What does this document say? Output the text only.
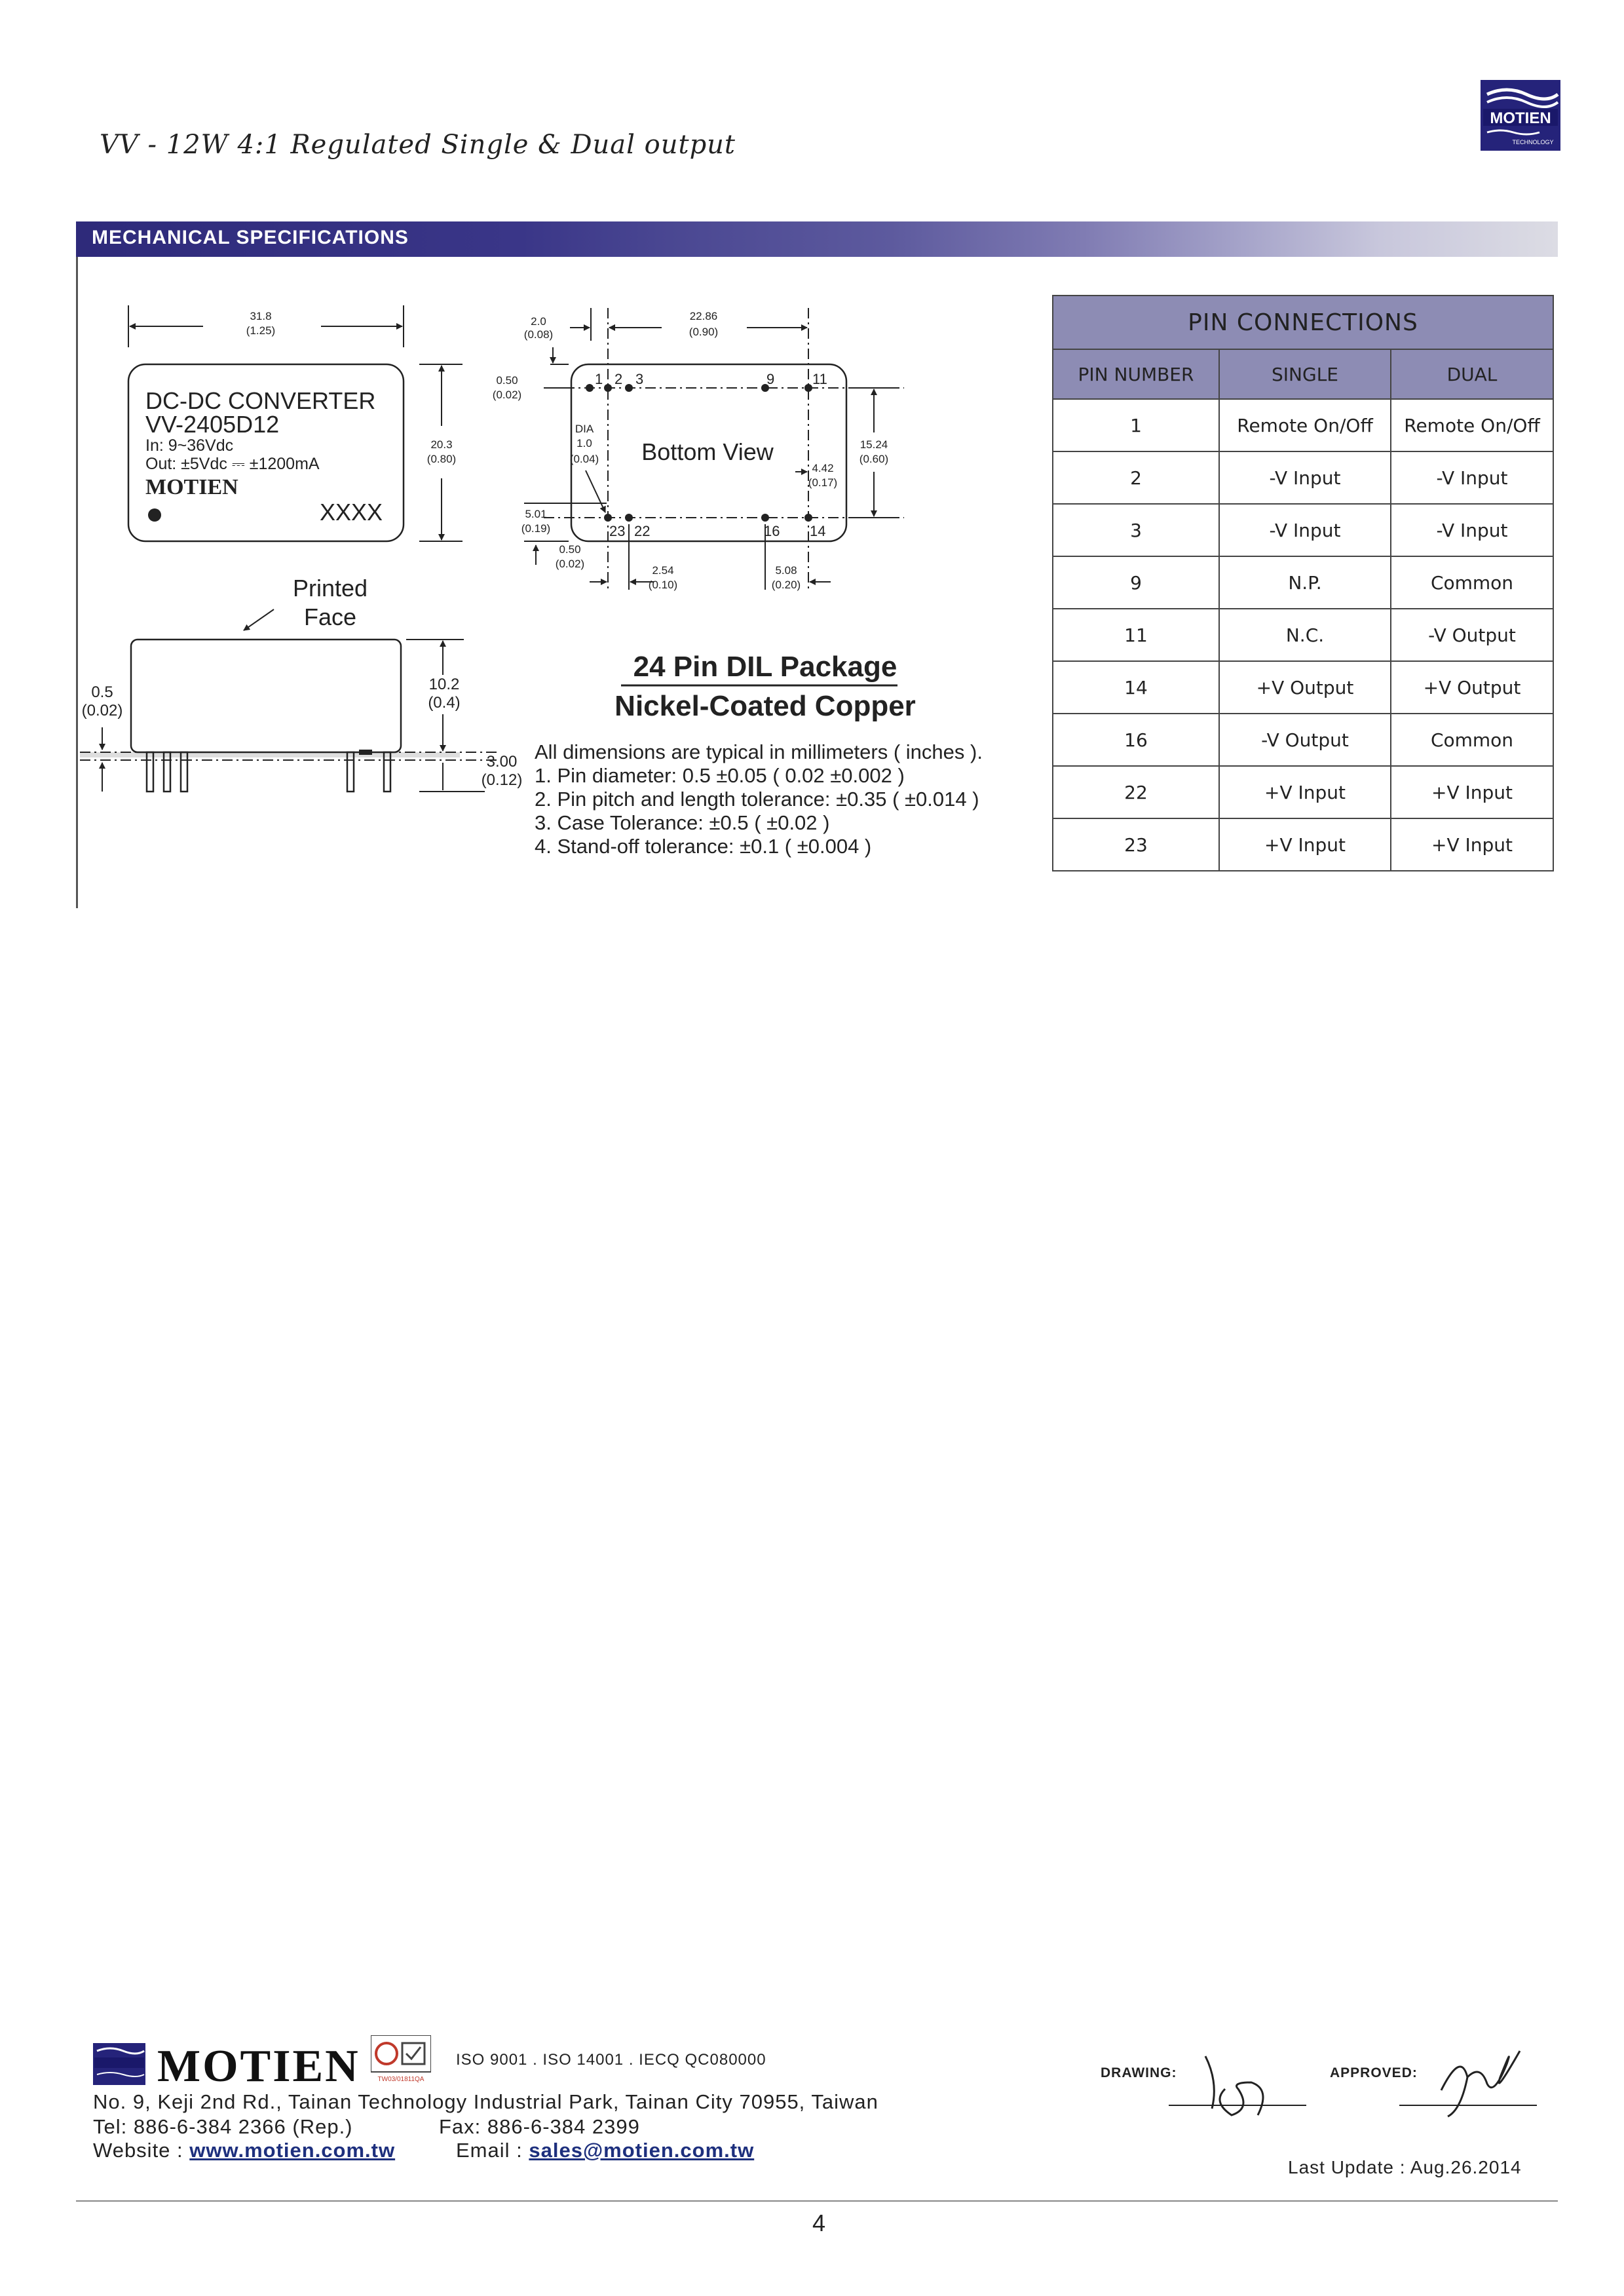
VV - 12W 4:1 Regulated Single & Dual output
MOTIEN
TECHNOLOGY
MECHANICAL SPECIFICATIONS
31.8
(1.25)
DC-DC CONVERTER
VV-2405D12
In: 9~36Vdc
Out: ±5Vdc ⎓ ±1200mA
MOTIEN
XXXX
20.3
(0.80)
Printed
Face
0.5
(0.02)
10.2
(0.4)
3.00
(0.12)
1 2 3	9	11
23 22	16 14
Bottom View
2.0
(0.08)
22.86
(0.90)
0.50
(0.02)
DIA
1.0
(0.04)
15.24
(0.60)
4.42
(0.17)
5.01
(0.19)
0.50
(0.02)
2.54
(0.10)
5.08
(0.20)
24 Pin DIL Package
Nickel-Coated Copper
All dimensions are typical in millimeters ( inches ).
1. Pin diameter: 0.5 ±0.05 ( 0.02 ±0.002 )
2. Pin pitch and length tolerance: ±0.35 ( ±0.014 )
3. Case Tolerance: ±0.5 ( ±0.02 )
4. Stand-off tolerance: ±0.1 ( ±0.004 )
PIN CONNECTIONS		
PIN NUMBER	SINGLE	DUAL
1	Remote On/Off	Remote On/Off
2	-V Input	-V Input
3	-V Input	-V Input
9	N.P.	Common
11	N.C.	-V Output
14	+V Output	+V Output
16	-V Output	Common
22	+V Input	+V Input
23	+V Input	+V Input
MOTIEN	TW03/01811QA
ISO 9001 . ISO 14001 . IECQ QC080000
No. 9, Keji 2nd Rd., Tainan Technology Industrial Park, Tainan City 70955, Taiwan
Tel: 886-6-384 2366 (Rep.)	Fax: 886-6-384 2399
Website : www.motien.com.tw	Email : sales@motien.com.tw
DRAWING:	APPROVED:
Last Update : Aug.26.2014
4
